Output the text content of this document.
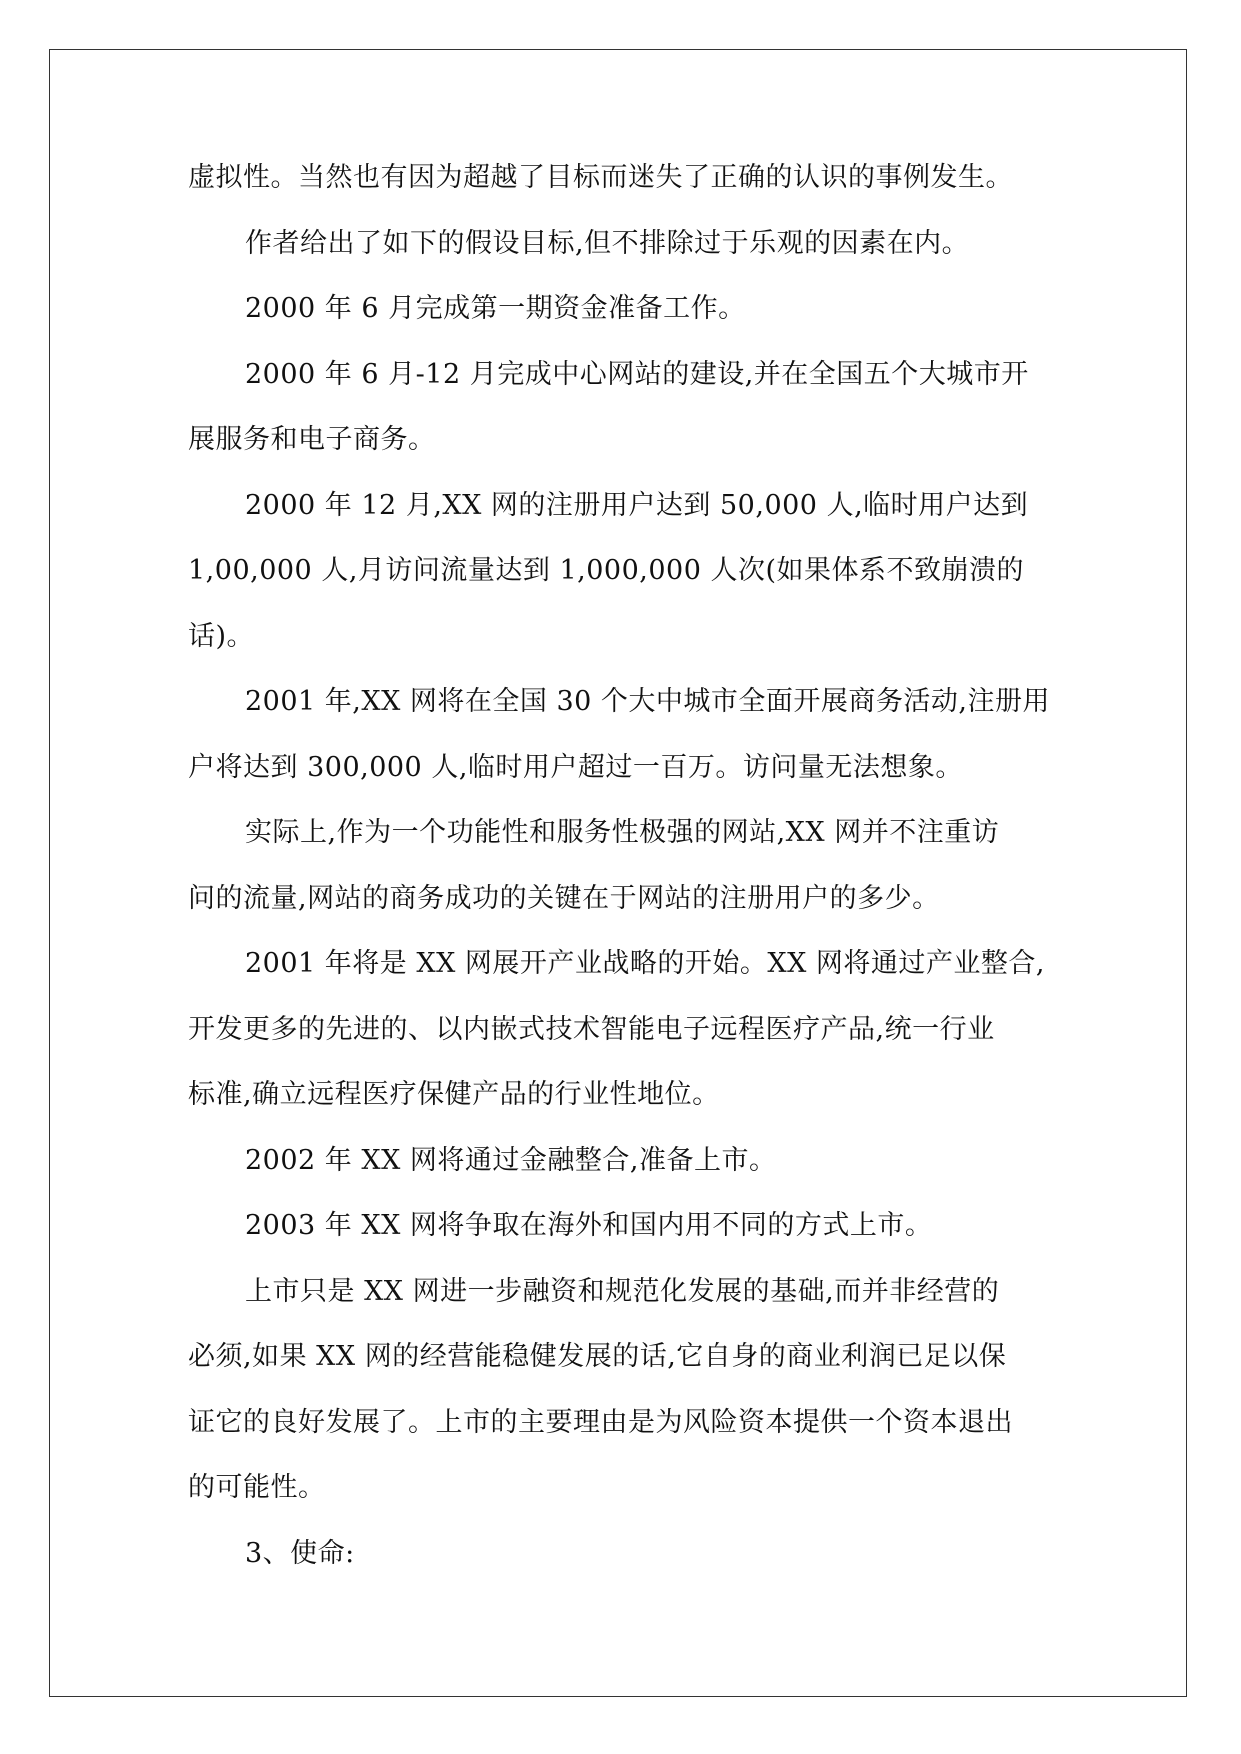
虚拟性。当然也有因为超越了目标而迷失了正确的认识的事例发生。
作者给出了如下的假设目标,但不排除过于乐观的因素在内。
2000 年 6 月完成第一期资金准备工作。
2000 年 6 月-12 月完成中心网站的建设,并在全国五个大城市开
展服务和电子商务。
2000 年 12 月,XX 网的注册用户达到 50,000 人,临时用户达到
1,00,000 人,月访问流量达到 1,000,000 人次(如果体系不致崩溃的
话)。
2001 年,XX 网将在全国 30 个大中城市全面开展商务活动,注册用
户将达到 300,000 人,临时用户超过一百万。访问量无法想象。
实际上,作为一个功能性和服务性极强的网站,XX 网并不注重访
问的流量,网站的商务成功的关键在于网站的注册用户的多少。
2001 年将是 XX 网展开产业战略的开始。XX 网将通过产业整合,
开发更多的先进的、以内嵌式技术智能电子远程医疗产品,统一行业
标准,确立远程医疗保健产品的行业性地位。
2002 年 XX 网将通过金融整合,准备上市。
2003 年 XX 网将争取在海外和国内用不同的方式上市。
上市只是 XX 网进一步融资和规范化发展的基础,而并非经营的
必须,如果 XX 网的经营能稳健发展的话,它自身的商业利润已足以保
证它的良好发展了。上市的主要理由是为风险资本提供一个资本退出
的可能性。
3、使命:
